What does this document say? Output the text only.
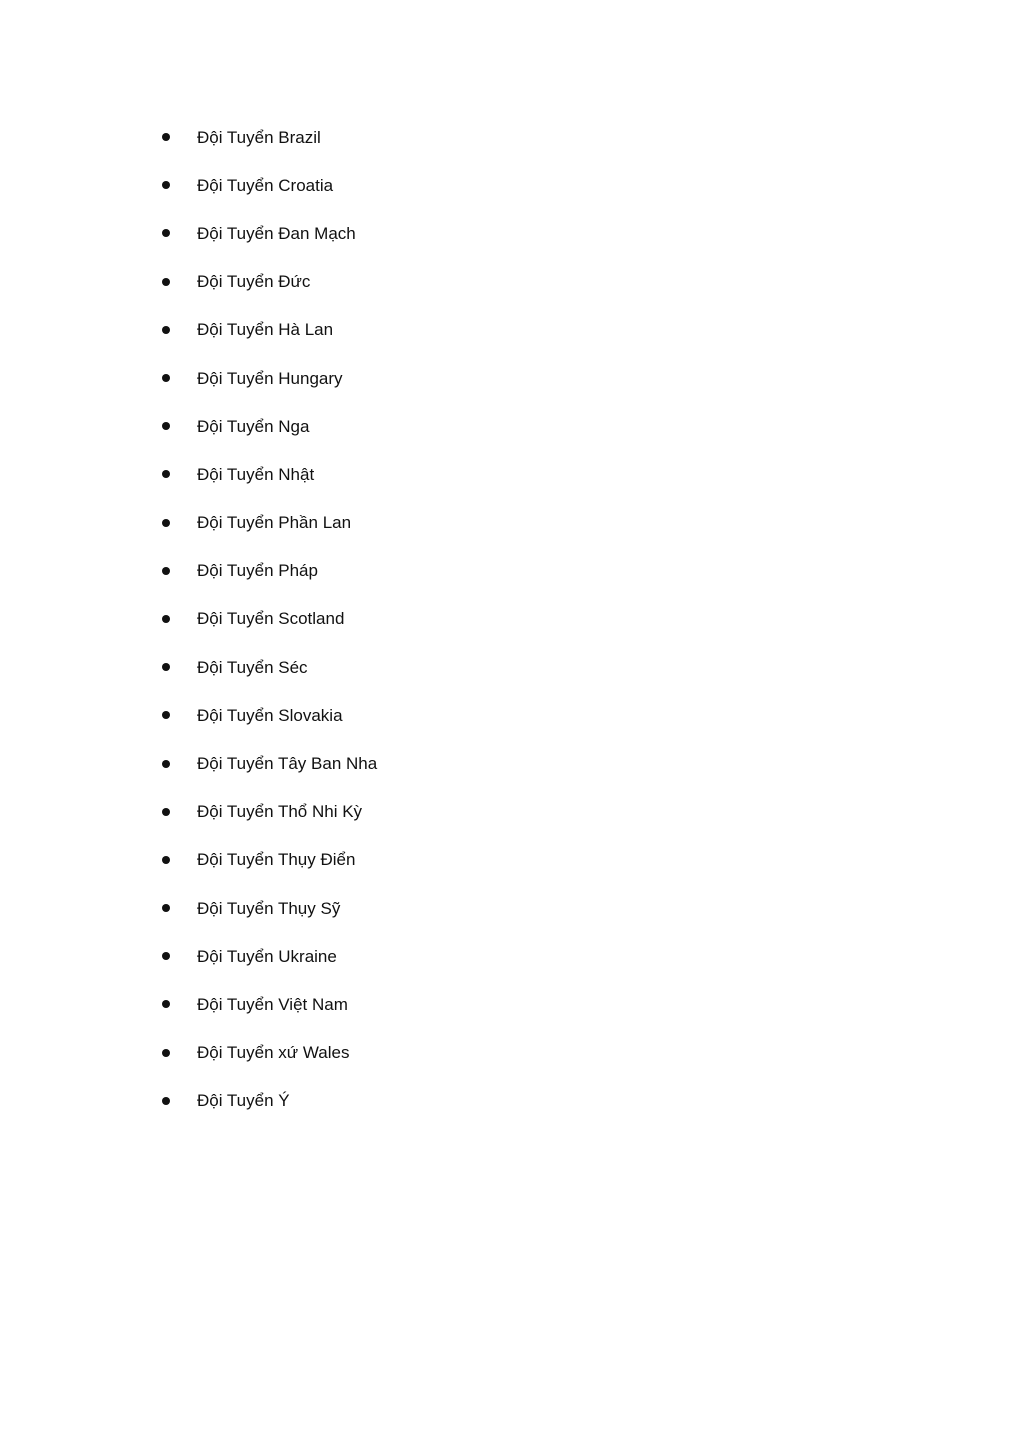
Đội Tuyển Brazil
Đội Tuyển Croatia
Đội Tuyển Đan Mạch
Đội Tuyển Đức
Đội Tuyển Hà Lan
Đội Tuyển Hungary
Đội Tuyển Nga
Đội Tuyển Nhật
Đội Tuyển Phần Lan
Đội Tuyển Pháp
Đội Tuyển Scotland
Đội Tuyển Séc
Đội Tuyển Slovakia
Đội Tuyển Tây Ban Nha
Đội Tuyển Thổ Nhi Kỳ
Đội Tuyển Thụy Điển
Đội Tuyển Thụy Sỹ
Đội Tuyển Ukraine
Đội Tuyển Việt Nam
Đội Tuyển xứ Wales
Đội Tuyển Ý
